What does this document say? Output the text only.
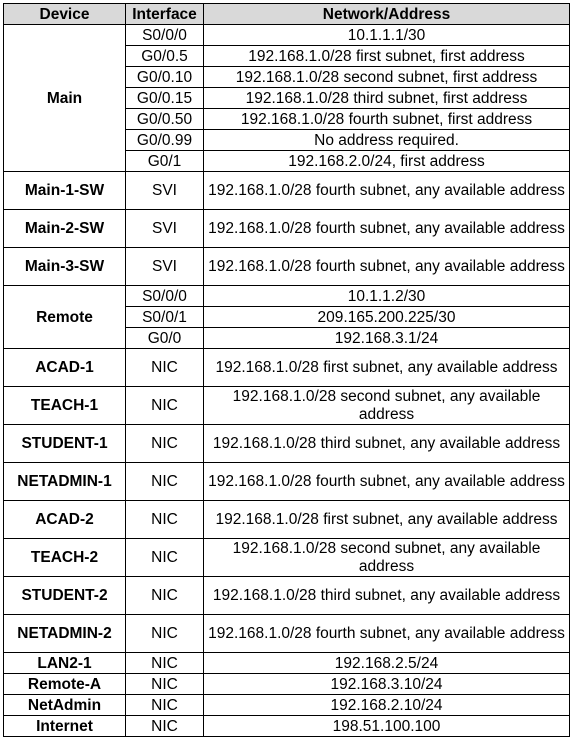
Device	Interface	Network/Address
Main	S0/0/0	10.1.1.1/30
	G0/0.5	192.168.1.0/28 first subnet, first address
	G0/0.10	192.168.1.0/28 second subnet, first address
	G0/0.15	192.168.1.0/28 third subnet, first address
	G0/0.50	192.168.1.0/28 fourth subnet, first address
	G0/0.99	No address required.
	G0/1	192.168.2.0/24, first address
Main-1-SW	SVI	192.168.1.0/28 fourth subnet, any available address
Main-2-SW	SVI	192.168.1.0/28 fourth subnet, any available address
Main-3-SW	SVI	192.168.1.0/28 fourth subnet, any available address
Remote	S0/0/0	10.1.1.2/30
	S0/0/1	209.165.200.225/30
	G0/0	192.168.3.1/24
ACAD-1	NIC	192.168.1.0/28 first subnet, any available address
TEACH-1	NIC	192.168.1.0/28 second subnet, any available address
STUDENT-1	NIC	192.168.1.0/28 third subnet, any available address
NETADMIN-1	NIC	192.168.1.0/28 fourth subnet, any available address
ACAD-2	NIC	192.168.1.0/28 first subnet, any available address
TEACH-2	NIC	192.168.1.0/28 second subnet, any available address
STUDENT-2	NIC	192.168.1.0/28 third subnet, any available address
NETADMIN-2	NIC	192.168.1.0/28 fourth subnet, any available address
LAN2-1	NIC	192.168.2.5/24
Remote-A	NIC	192.168.3.10/24
NetAdmin	NIC	192.168.2.10/24
Internet	NIC	198.51.100.100
